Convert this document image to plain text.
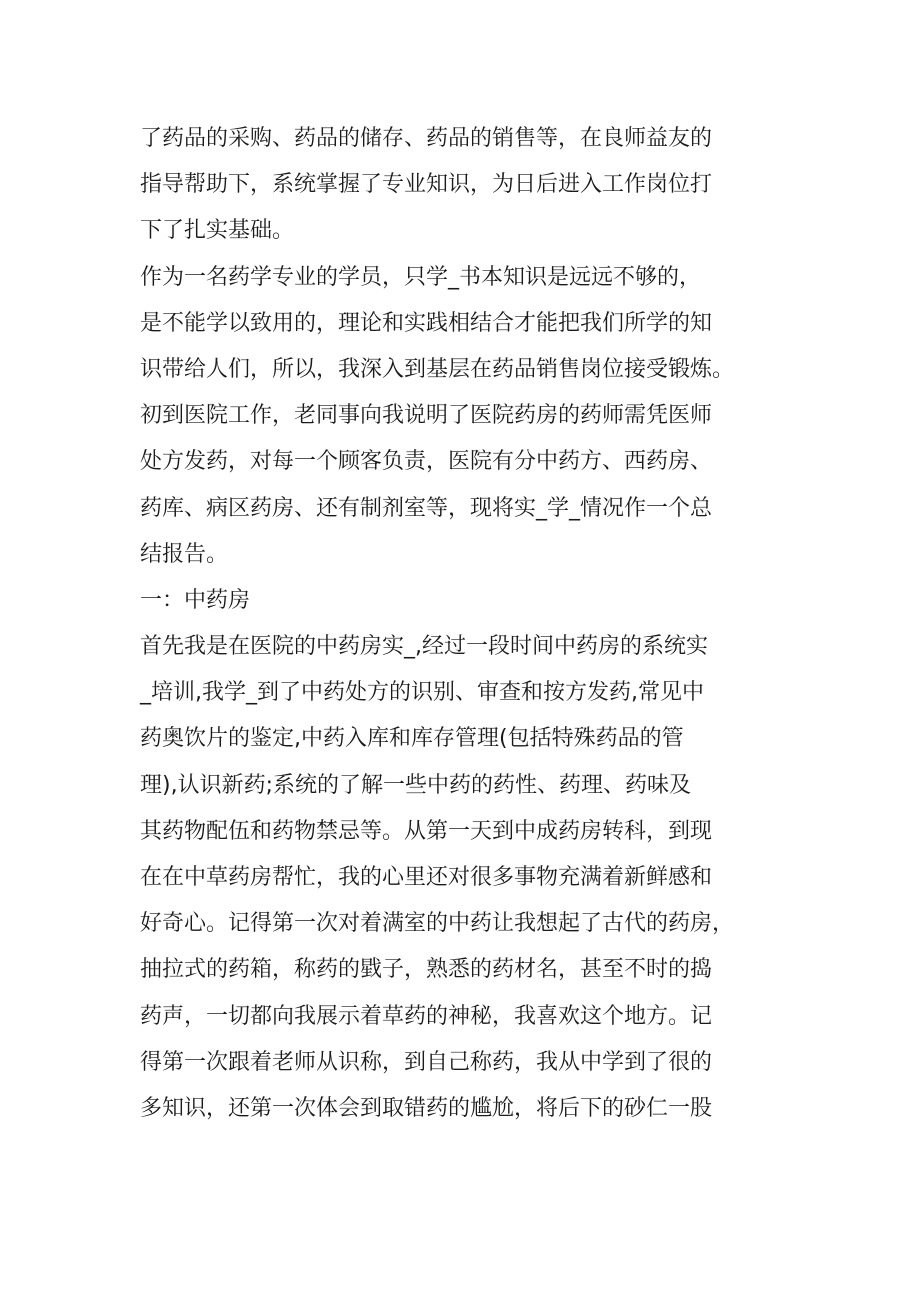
了药品的采购、药品的储存、药品的销售等，在良师益友的
指导帮助下，系统掌握了专业知识，为日后进入工作岗位打
下了扎实基础。
作为一名药学专业的学员，只学_书本知识是远远不够的，
是不能学以致用的，理论和实践相结合才能把我们所学的知
识带给人们，所以，我深入到基层在药品销售岗位接受锻炼。
初到医院工作，老同事向我说明了医院药房的药师需凭医师
处方发药，对每一个顾客负责，医院有分中药方、西药房、
药库、病区药房、还有制剂室等，现将实_学_情况作一个总
结报告。
一：中药房
首先我是在医院的中药房实_,经过一段时间中药房的系统实
_培训,我学_到了中药处方的识别、审查和按方发药,常见中
药奥饮片的鉴定,中药入库和库存管理(包括特殊药品的管
理),认识新药;系统的了解一些中药的药性、药理、药味及
其药物配伍和药物禁忌等。从第一天到中成药房转科，到现
在在中草药房帮忙，我的心里还对很多事物充满着新鲜感和
好奇心。记得第一次对着满室的中药让我想起了古代的药房，
抽拉式的药箱，称药的戥子，熟悉的药材名，甚至不时的捣
药声，一切都向我展示着草药的神秘，我喜欢这个地方。记
得第一次跟着老师从识称，到自己称药，我从中学到了很的
多知识，还第一次体会到取错药的尴尬，将后下的砂仁一股
